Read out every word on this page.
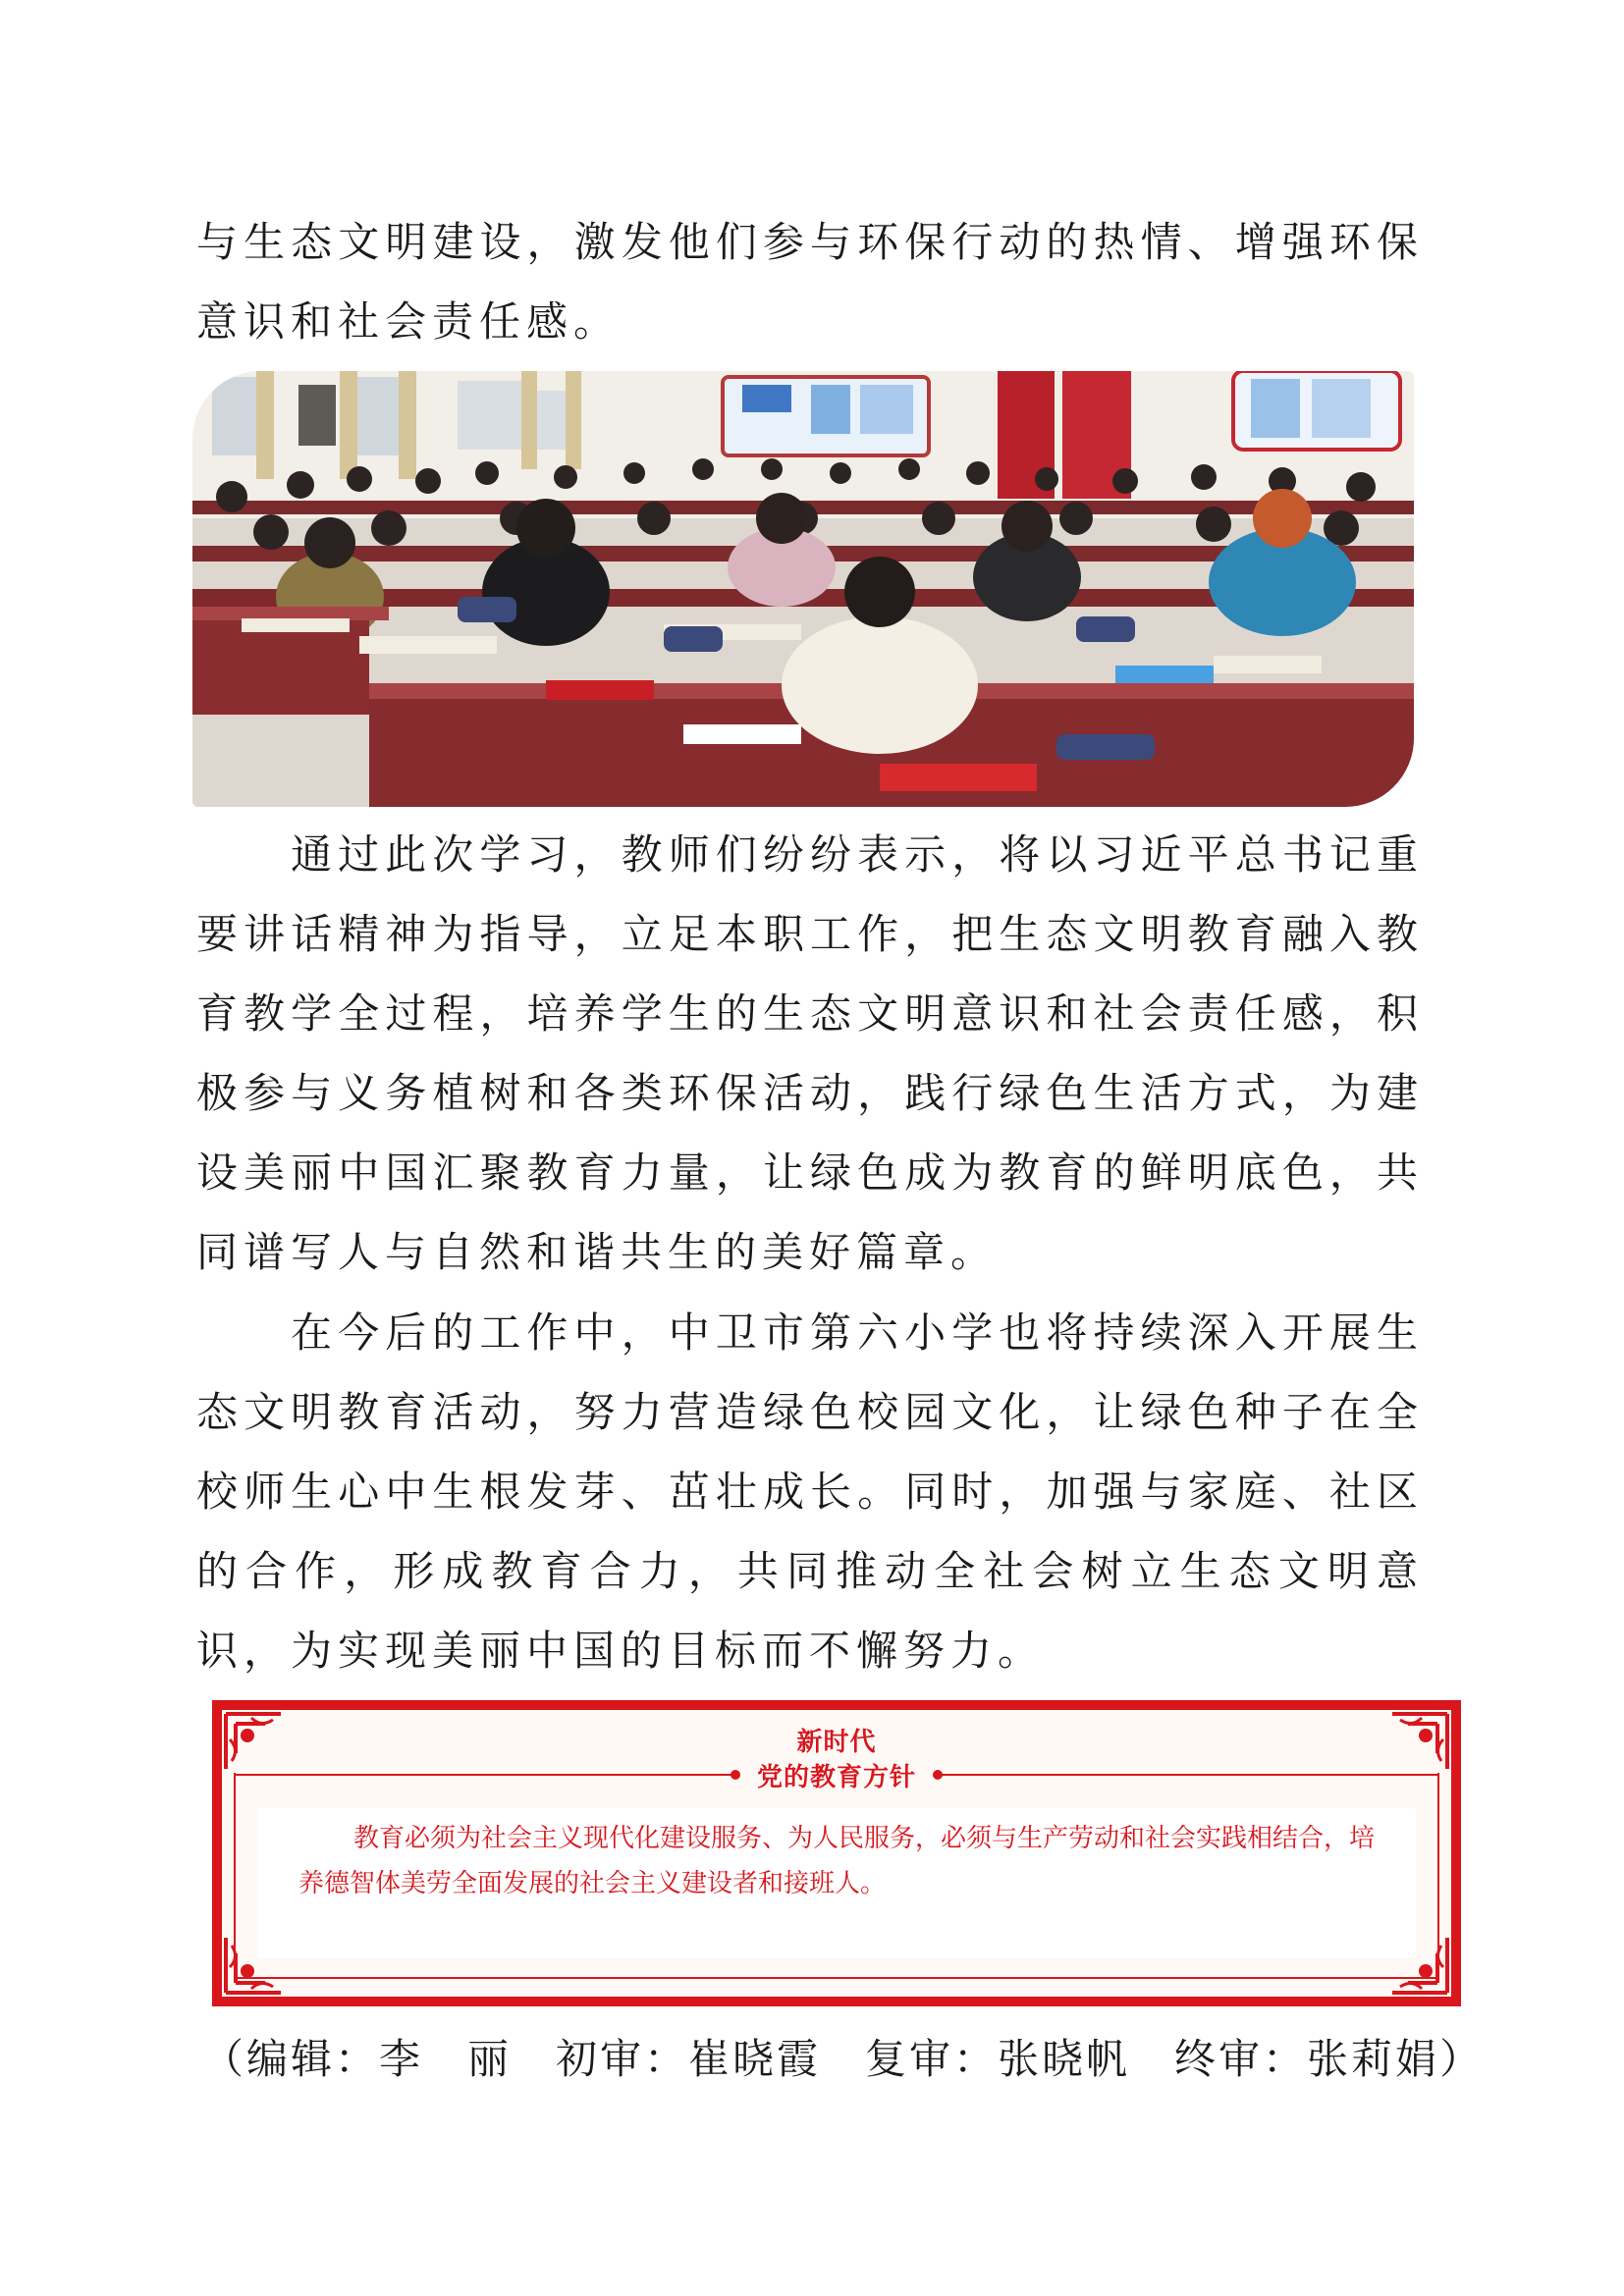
与生态文明建设，激发他们参与环保行动的热情、增强环保意识和社会责任感。

通过此次学习，教师们纷纷表示，将以习近平总书记重要讲话精神为指导，立足本职工作，把生态文明教育融入教育教学全过程，培养学生的生态文明意识和社会责任感，积极参与义务植树和各类环保活动，践行绿色生活方式，为建设美丽中国汇聚教育力量，让绿色成为教育的鲜明底色，共同谱写人与自然和谐共生的美好篇章。

在今后的工作中，中卫市第六小学也将持续深入开展生态文明教育活动，努力营造绿色校园文化，让绿色种子在全校师生心中生根发芽、茁壮成长。同时，加强与家庭、社区的合作，形成教育合力，共同推动全社会树立生态文明意识，为实现美丽中国的目标而不懈努力。

新时代
党的教育方针

教育必须为社会主义现代化建设服务、为人民服务，必须与生产劳动和社会实践相结合，培养德智体美劳全面发展的社会主义建设者和接班人。

（编辑：李　丽　初审：崔晓霞　复审：张晓帆　终审：张莉娟）
